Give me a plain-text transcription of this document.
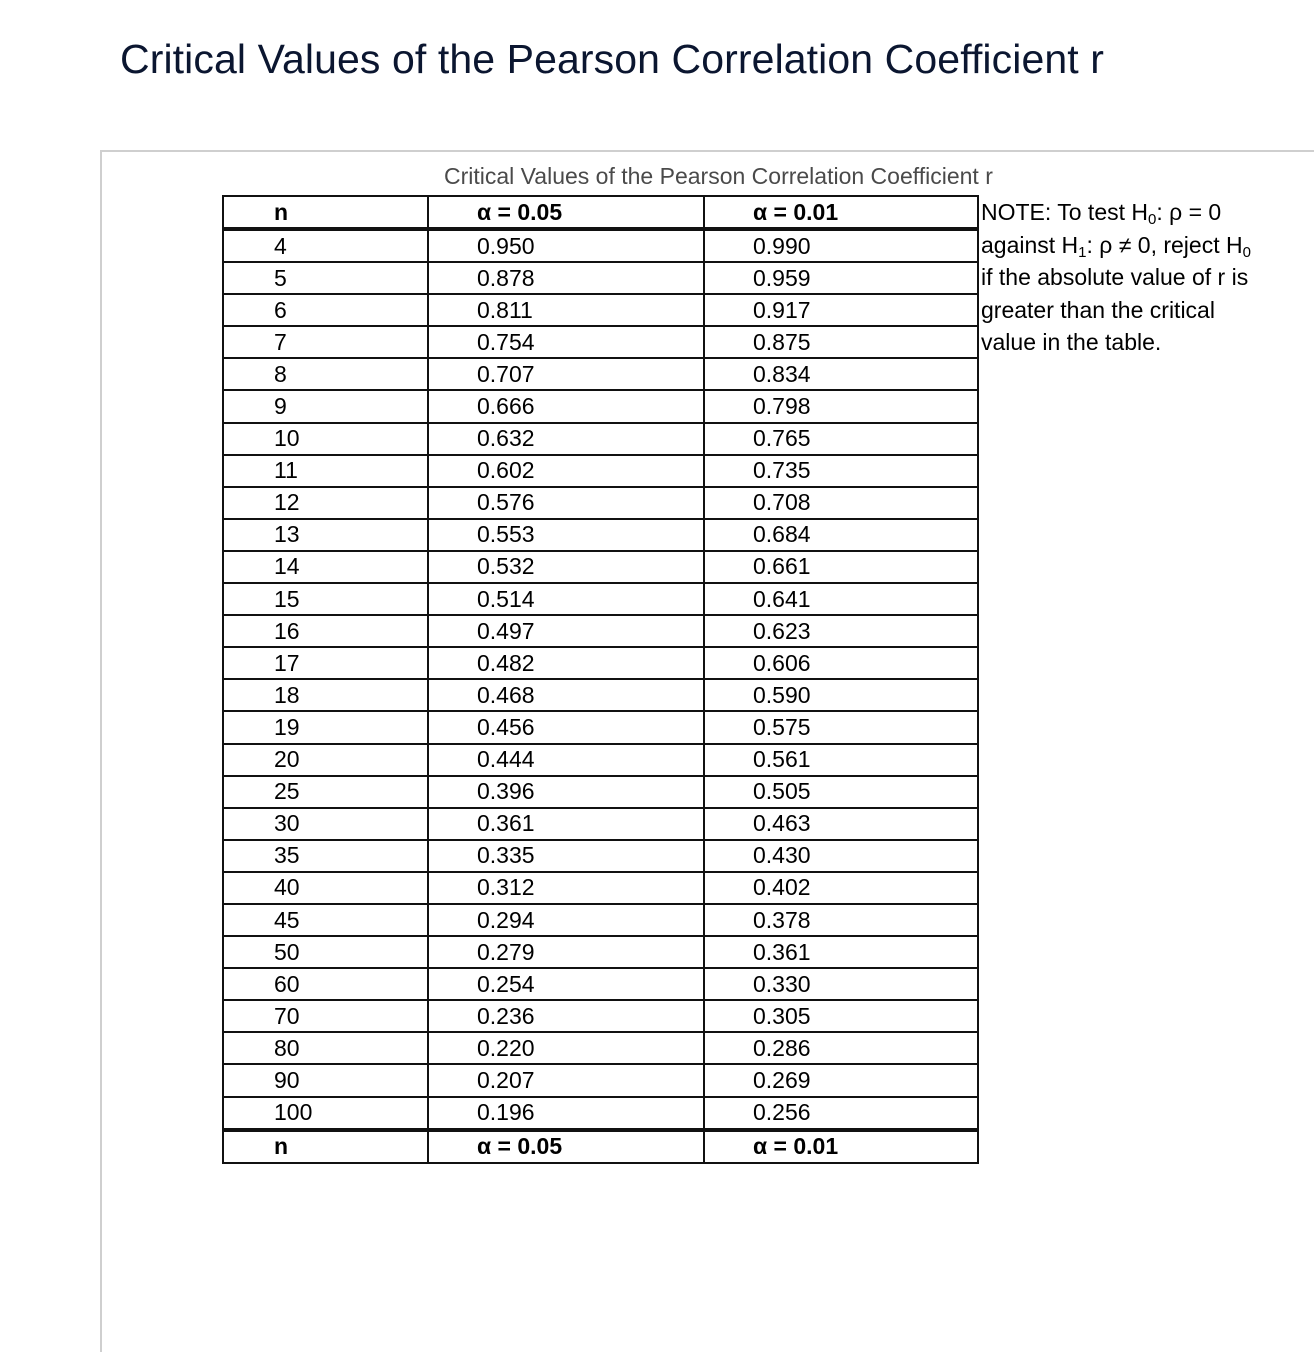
Critical Values of the Pearson Correlation Coefficient r
Critical Values of the Pearson Correlation Coefficient r
n	α = 0.05	α = 0.01
4	0.950	0.990
5	0.878	0.959
6	0.811	0.917
7	0.754	0.875
8	0.707	0.834
9	0.666	0.798
10	0.632	0.765
11	0.602	0.735
12	0.576	0.708
13	0.553	0.684
14	0.532	0.661
15	0.514	0.641
16	0.497	0.623
17	0.482	0.606
18	0.468	0.590
19	0.456	0.575
20	0.444	0.561
25	0.396	0.505
30	0.361	0.463
35	0.335	0.430
40	0.312	0.402
45	0.294	0.378
50	0.279	0.361
60	0.254	0.330
70	0.236	0.305
80	0.220	0.286
90	0.207	0.269
100	0.196	0.256
n	α = 0.05	α = 0.01
NOTE: To test $H_0$: ρ = 0
against $H_1$: ρ ≠ 0, reject $H_0$
if the absolute value of r is
greater than the critical
value in the table.
